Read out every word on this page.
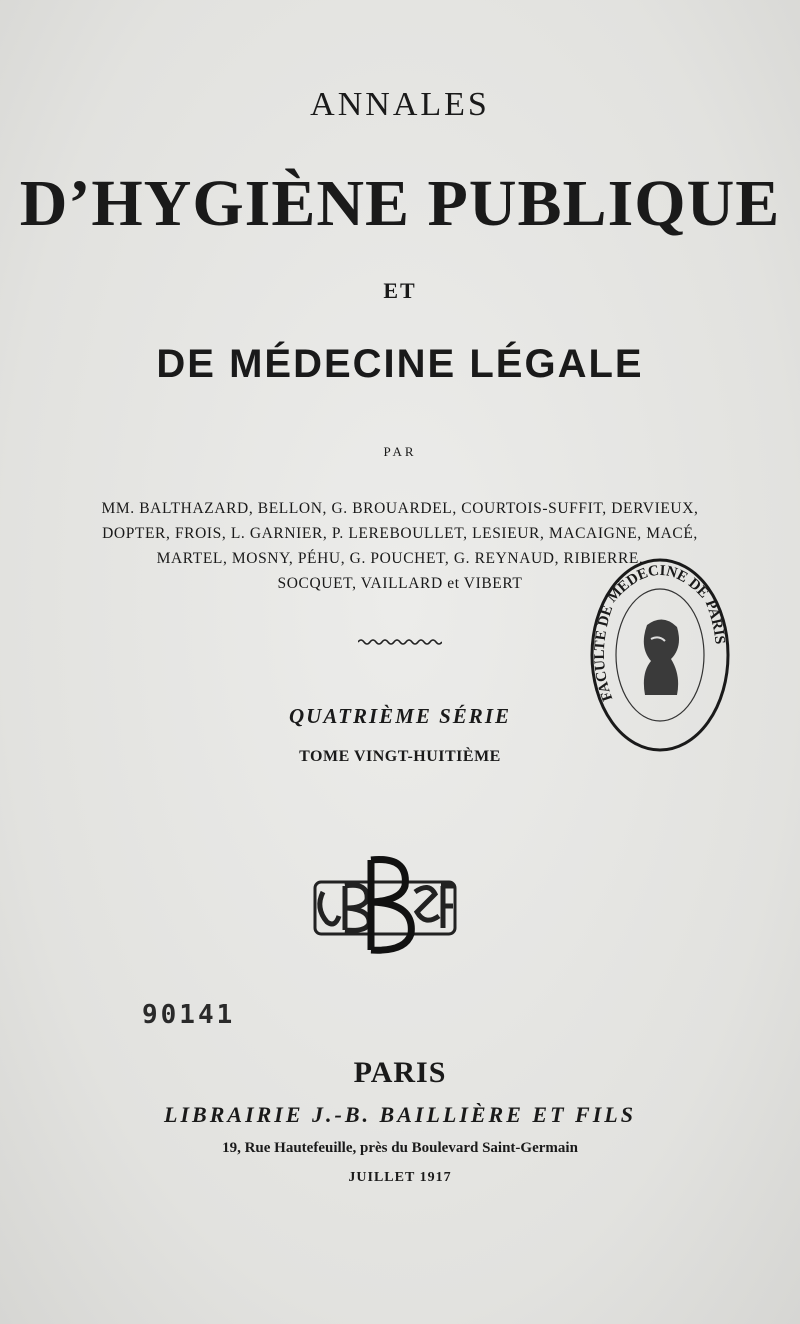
ANNALES
D’HYGIÈNE PUBLIQUE
ET
DE MÉDECINE LÉGALE
PAR
MM. BALTHAZARD, BELLON, G. BROUARDEL, COURTOIS-SUFFIT, DERVIEUX,
DOPTER, FROIS, L. GARNIER, P. LEREBOULLET, LESIEUR, MACAIGNE, MACÉ,
MARTEL, MOSNY, PÉHU, G. POUCHET, G. REYNAUD, RIBIERRE,
SOCQUET, VAILLARD et VIBERT
QUATRIÈME SÉRIE
TOME VINGT-HUITIÈME
90141
PARIS
LIBRAIRIE J.-B. BAILLIÈRE ET FILS
19, Rue Hautefeuille, près du Boulevard Saint-Germain
JUILLET 1917
FACULTÉ DE MÉDECINE DE PARIS
